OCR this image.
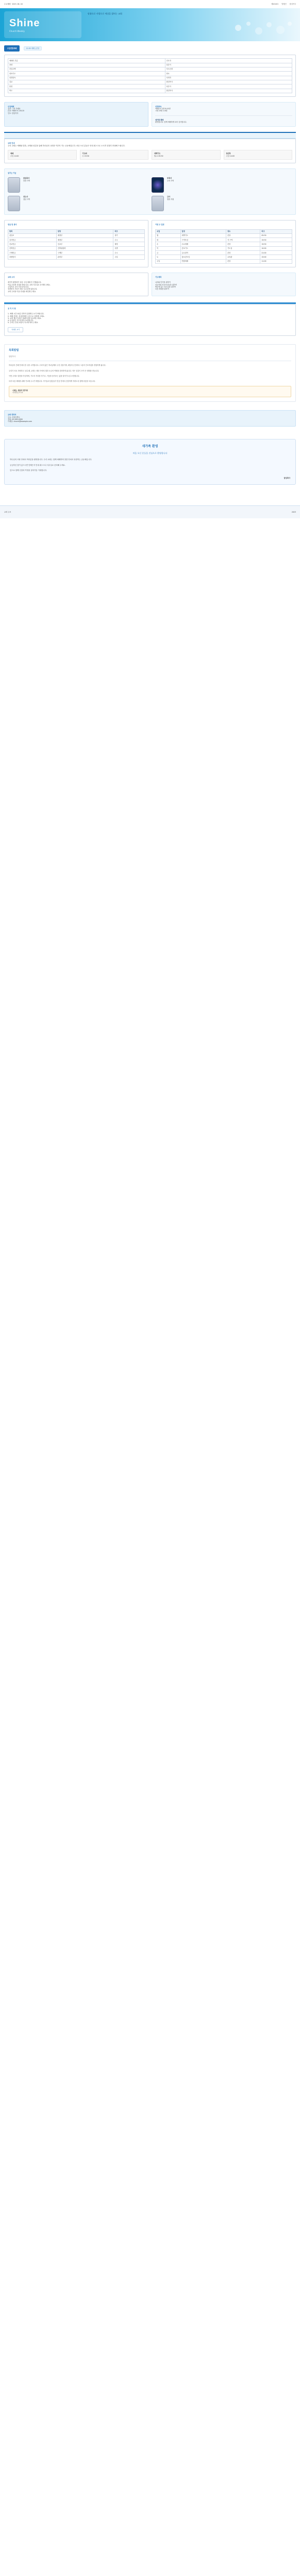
수요예배 · 2023. 06. 18	제2016호 발행인 담임목사
Shine
Church Weekly
말씀으로 사랑으로 세상을 밝히는 교회
주일연합예배	11:00 예배 | 본당
예배의 부름	인도자
찬양	다같이
신앙고백	사도신경
대표기도	장로
성경봉독	사회자
설교	담임목사
봉헌	다같이
축도	담임목사
주일예배
설교: 그의 은혜로
본문: 에베소서 2:8-10
인도: 담임목사
성경봉독
에베소서 2장 8-10절
시편 23편 1-6절
새가족 환영
환영합니다. 함께 예배하게 되어 감사합니다.
교회 안내
우리 교회는 예배와 말씀, 교제와 섬김을 통해 하나님의 나라를 이루어 가는 공동체입니다. 처음 오신 분들은 안내 데스크로 오시면 친절히 안내해 드립니다.
예배
주일 11:00
기도회
수 19:30
새벽기도
월-토 05:30
청년부
주일 14:00
섬기는 이들
담임목사
말씀 사역
부목사
교육 사역
전도사
청년 사역
간사
행정 지원
헌금 및 봉사
항목	담당	비고
십일조	재정부	정기
감사헌금	재정부	수시
선교헌금	선교부	월정
건축헌금	건축위원회	특별
구제헌금	구제부	수시
차량봉사	관리부	주일
이번 주 일정
요일	일정	장소	비고
월	새벽기도	본당	05:30
화	구역모임	각 구역	19:30
수	수요예배	본당	19:30
목	중보기도	기도실	10:00
금	금요철야	본당	21:00
토	청소년모임	교육관	15:00
주일	연합예배	본당	11:00
교회 소식
새가족 환영회가 다음 주일 예배 후 진행됩니다.
여름 수련회 신청을 받습니다. 교회 사무실로 문의해 주세요.
주일학교 교사 모집 중입니다.
성경통독 모임이 매주 토요일에 있습니다.
교회 주차장 이용 안내를 확인해 주세요.
기도제목
나라와 민족을 위하여
선교지와 선교사님들을 위하여
병중에 있는 성도들을 위하여
다음 세대를 위하여
공 지 사 항
1. 예배 시간 10분 전까지 입장해 주시기 바랍니다.
2. 예배 중에는 휴대전화를 무음으로 설정해 주세요.
3. 교회 행사 일정은 홈페이지를 참고해 주세요.
4. 분실물은 사무실에서 보관합니다.
5. 주차는 안내 요원의 지시에 따라 주세요.
자세히 보기
목회칼럼
담임목사

하나님의 은혜 안에서 한 주를 시작합니다. 우리의 삶은 하나님께서 주신 선물이며, 매일의 순간마다 그분의 인도하심을 경험하게 됩니다.

우리가 서로 사랑하고 섬길 때, 교회는 세상 속에서 빛과 소금의 역할을 감당하게 됩니다. 작은 섬김이 모여 큰 변화를 만듭니다.

이번 주에도 말씀을 묵상하며, 기도의 자리를 지키고, 이웃을 돌아보는 삶을 살아가시길 소망합니다.

특히 다음 세대를 위해 기도해 주시기 바랍니다. 아이들과 청년들이 믿음 안에서 건강하게 자라도록 함께 마음을 모읍시다.

너희는 세상의 빛이라
마태복음 5:14
교회 연락처
주소: 서울특별시
전화: 02-000-0000
이메일: church@example.com
새가족 환영
처음 오신 분들을 진심으로 환영합니다
하나님의 사랑 안에서 여러분을 환영합니다. 우리 교회는 함께 예배하며 말씀 안에서 성장하는 공동체입니다.
궁금하신 점이 있으시면 언제든지 안내 데스크나 사무실로 문의해 주세요.
앞으로 함께 신앙의 여정을 걸어가길 기대합니다.
담임목사
교회 주보	2023
